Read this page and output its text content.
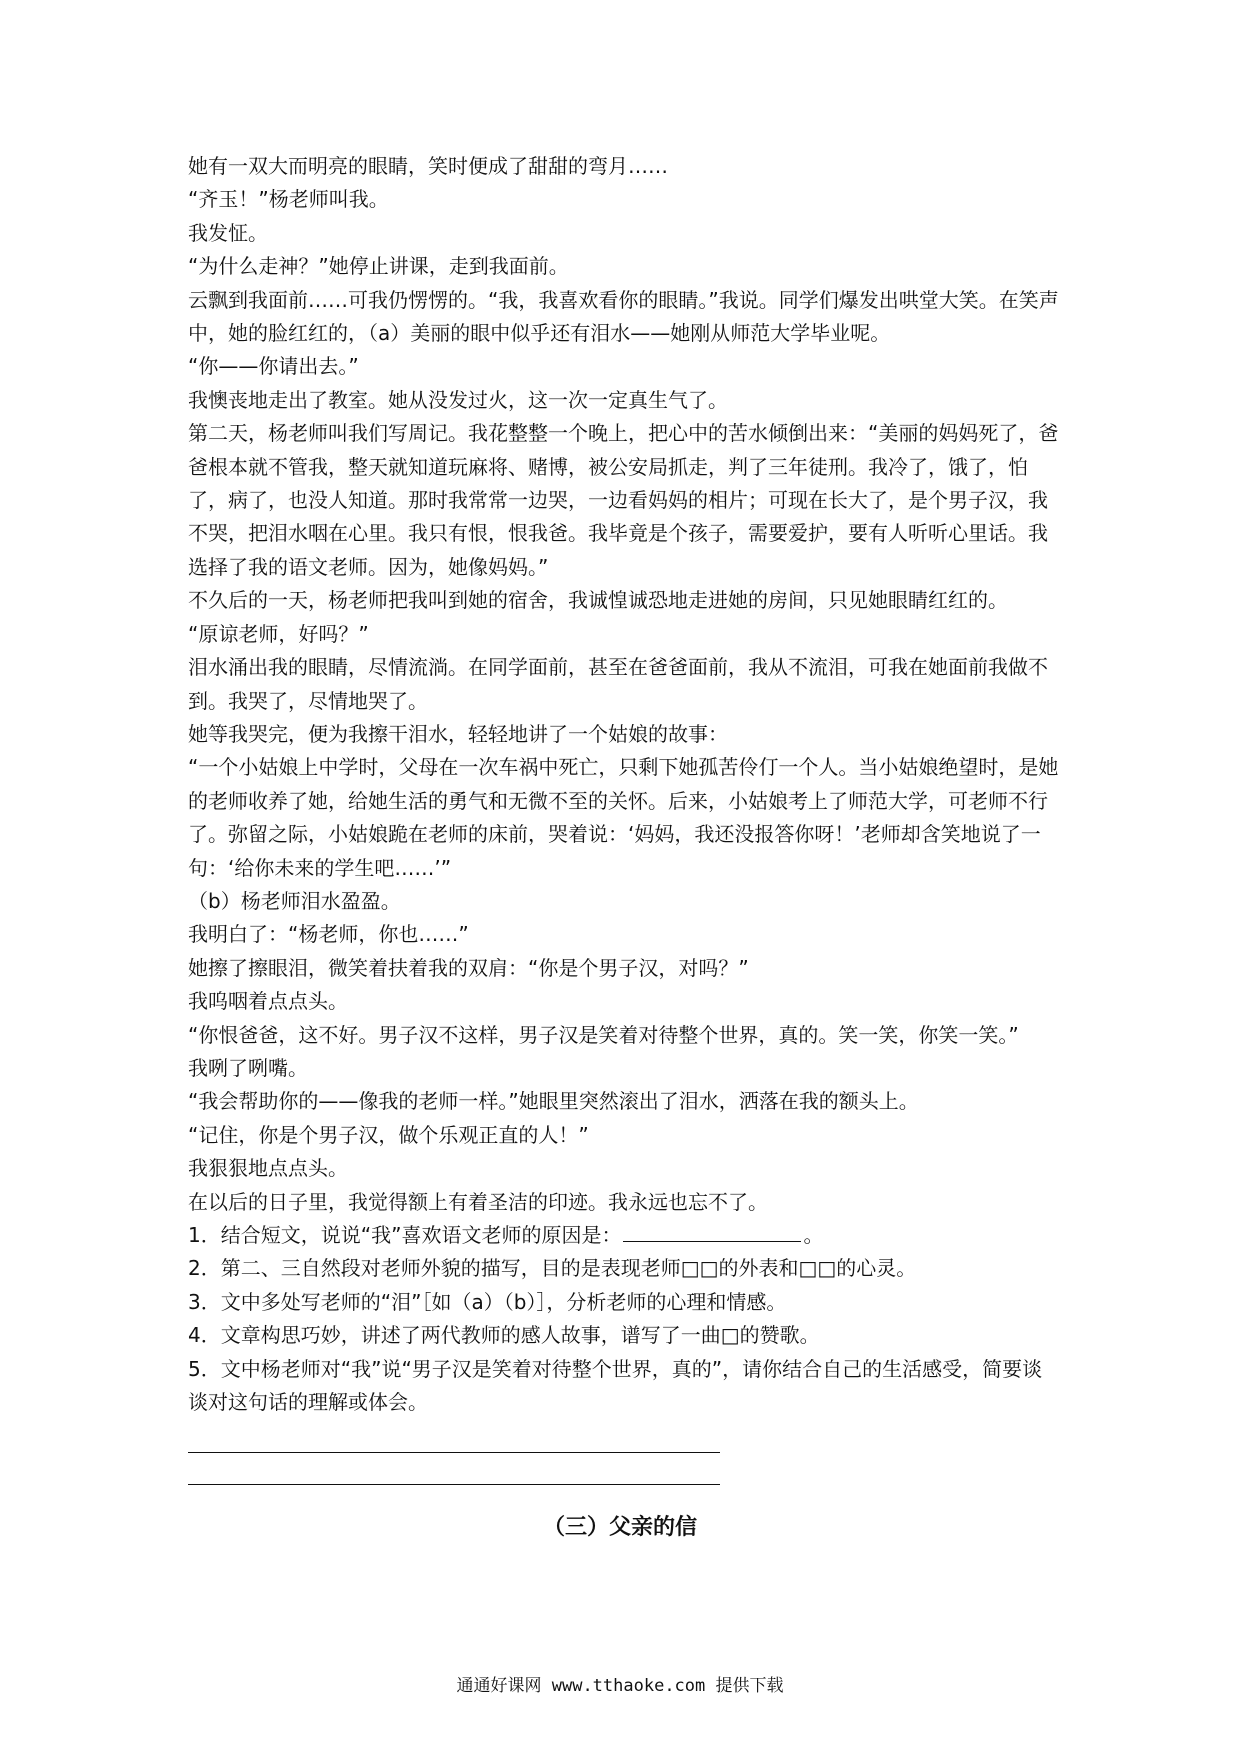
她有一双大而明亮的眼睛，笑时便成了甜甜的弯月……

“齐玉！”杨老师叫我。

我发怔。

“为什么走神？”她停止讲课，走到我面前。

云飘到我面前……可我仍愣愣的。“我，我喜欢看你的眼睛。”我说。同学们爆发出哄堂大笑。在笑声中，她的脸红红的，（a）美丽的眼中似乎还有泪水——她刚从师范大学毕业呢。

“你——你请出去。”

我懊丧地走出了教室。她从没发过火，这一次一定真生气了。

第二天，杨老师叫我们写周记。我花整整一个晚上，把心中的苦水倾倒出来：“美丽的妈妈死了，爸爸根本就不管我，整天就知道玩麻将、赌博，被公安局抓走，判了三年徒刑。我冷了，饿了，怕了，病了，也没人知道。那时我常常一边哭，一边看妈妈的相片；可现在长大了，是个男子汉，我不哭，把泪水咽在心里。我只有恨，恨我爸。我毕竟是个孩子，需要爱护，要有人听听心里话。我选择了我的语文老师。因为，她像妈妈。”

不久后的一天，杨老师把我叫到她的宿舍，我诚惶诚恐地走进她的房间，只见她眼睛红红的。

“原谅老师，好吗？”

泪水涌出我的眼睛，尽情流淌。在同学面前，甚至在爸爸面前，我从不流泪，可我在她面前我做不到。我哭了，尽情地哭了。

她等我哭完，便为我擦干泪水，轻轻地讲了一个姑娘的故事：

“一个小姑娘上中学时，父母在一次车祸中死亡，只剩下她孤苦伶仃一个人。当小姑娘绝望时，是她的老师收养了她，给她生活的勇气和无微不至的关怀。后来，小姑娘考上了师范大学，可老师不行了。弥留之际，小姑娘跪在老师的床前，哭着说：‘妈妈，我还没报答你呀！’老师却含笑地说了一句：‘给你未来的学生吧……’”

（b）杨老师泪水盈盈。

我明白了：“杨老师，你也……”

她擦了擦眼泪，微笑着扶着我的双肩：“你是个男子汉，对吗？”

我呜咽着点点头。

“你恨爸爸，这不好。男子汉不这样，男子汉是笑着对待整个世界，真的。笑一笑，你笑一笑。”

我咧了咧嘴。

“我会帮助你的——像我的老师一样。”她眼里突然滚出了泪水，洒落在我的额头上。

“记住，你是个男子汉，做个乐观正直的人！”

我狠狠地点点头。

在以后的日子里，我觉得额上有着圣洁的印迹。我永远也忘不了。

1．结合短文，说说“我”喜欢语文老师的原因是：	。

2．第二、三自然段对老师外貌的描写，目的是表现老师□□的外表和□□的心灵。

3．文中多处写老师的“泪”［如（a）（b）］，分析老师的心理和情感。

4．文章构思巧妙，讲述了两代教师的感人故事，谱写了一曲□的赞歌。

5．文中杨老师对“我”说“男子汉是笑着对待整个世界，真的”，请你结合自己的生活感受，简要谈谈对这句话的理解或体会。

（三）父亲的信
通通好课网 www.tthaoke.com 提供下载
